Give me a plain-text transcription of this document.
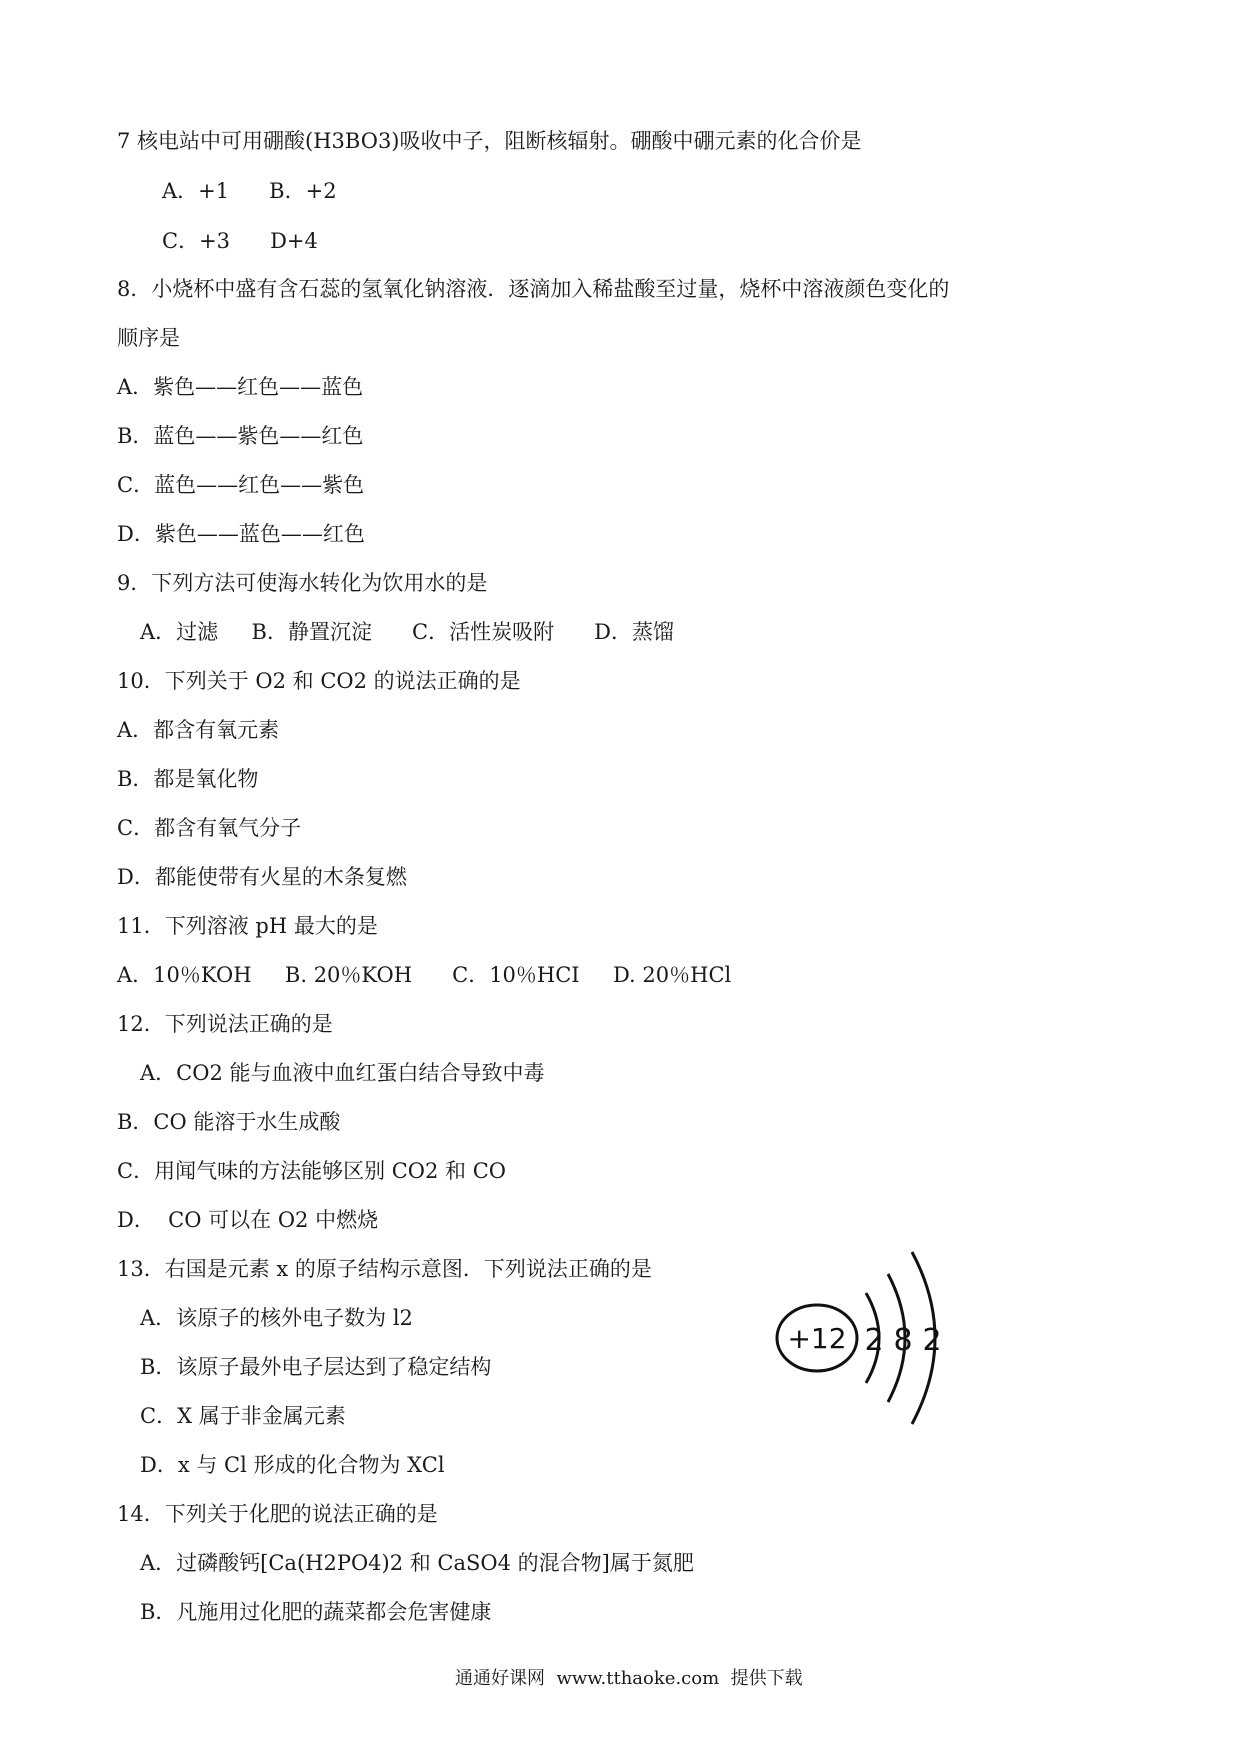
7 核电站中可用硼酸(H3BO3)吸收中子，阻断核辐射。硼酸中硼元素的化合价是
A．+1      B．+2
C．+3      D+4
8．小烧杯中盛有含石蕊的氢氧化钠溶液．逐滴加入稀盐酸至过量，烧杯中溶液颜色变化的
顺序是
A．紫色——红色——蓝色
B．蓝色——紫色——红色
C．蓝色——红色——紫色
D．紫色——蓝色——红色
9．下列方法可使海水转化为饮用水的是
A．过滤     B．静置沉淀      C．活性炭吸附      D．蒸馏
10．下列关于 O2 和 CO2 的说法正确的是
A．都含有氧元素
B．都是氧化物
C．都含有氧气分子
D．都能使带有火星的木条复燃
11．下列溶液 pH 最大的是
A．10％KOH     B. 20％KOH      C．10％HCI     D. 20％HCl
12．下列说法正确的是
A．CO2 能与血液中血红蛋白结合导致中毒
B．CO 能溶于水生成酸
C．用闻气味的方法能够区别 CO2 和 CO
D．  CO 可以在 O2 中燃烧
13．右国是元素 x 的原子结构示意图．下列说法正确的是
A．该原子的核外电子数为 l2
B．该原子最外电子层达到了稳定结构
C．X 属于非金属元素
D．x 与 Cl 形成的化合物为 XCl
+12 2 8 2
14．下列关于化肥的说法正确的是
A．过磷酸钙[Ca(H2PO4)2 和 CaSO4 的混合物]属于氮肥
B．凡施用过化肥的蔬菜都会危害健康
通通好课网  www.tthaoke.com  提供下载
